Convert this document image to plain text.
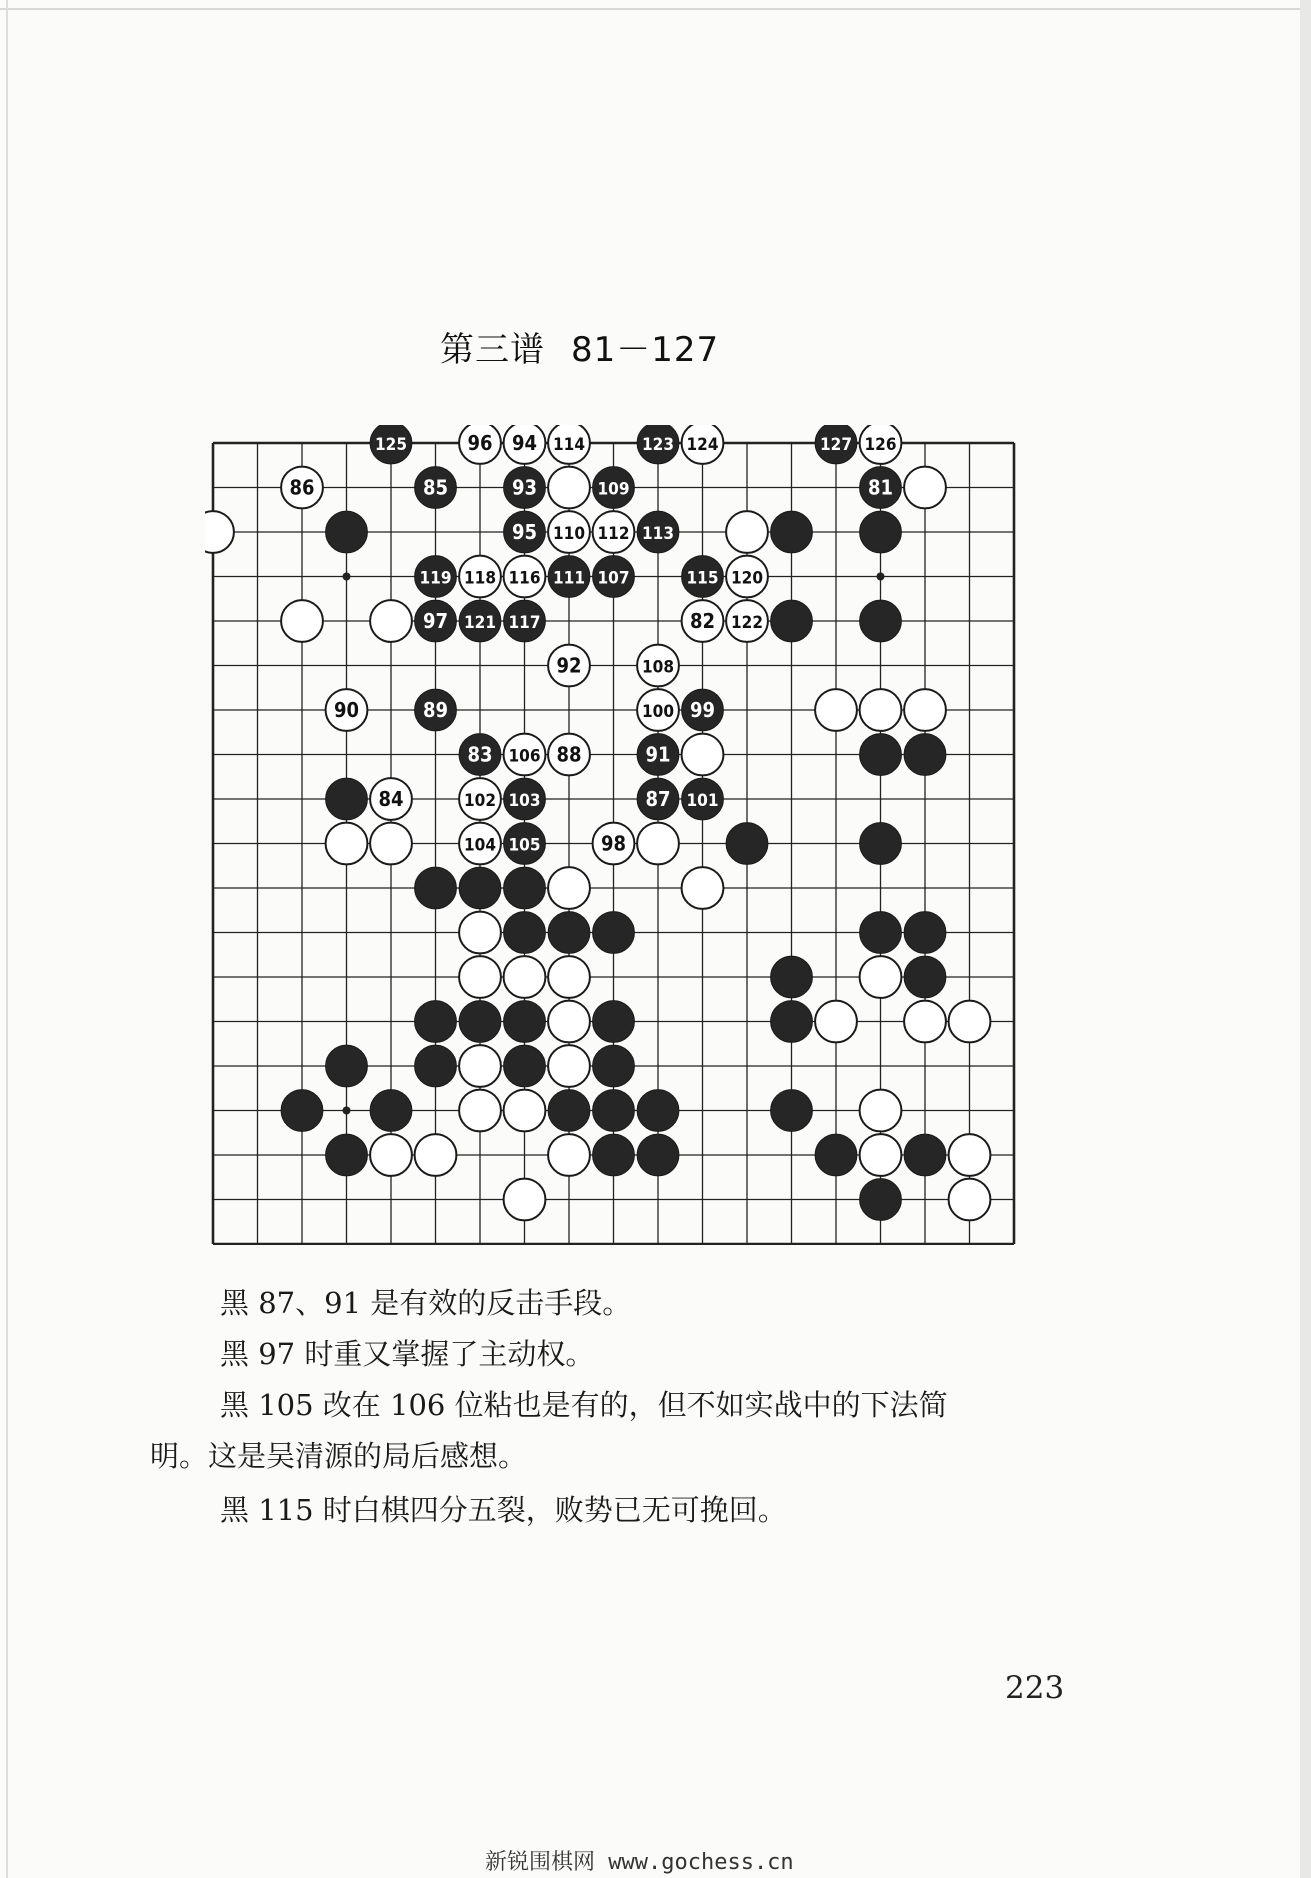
第三谱 81－127
125	96 94 114	123 124	127 126
86	85	93	109	81
95 110 112 113
119 118 116 111 107	115 120
97 121 117	82 122
92	108
90	89	100 99
83 106 88	91
84	102 103	87 101
104 105	98
黑 87、91 是有效的反击手段。
黑 97 时重又掌握了主动权。
黑 105 改在 106 位粘也是有的，但不如实战中的下法简
明。这是吴清源的局后感想。
黑 115 时白棋四分五裂，败势已无可挽回。
223
新锐围棋网 www.gochess.cn
